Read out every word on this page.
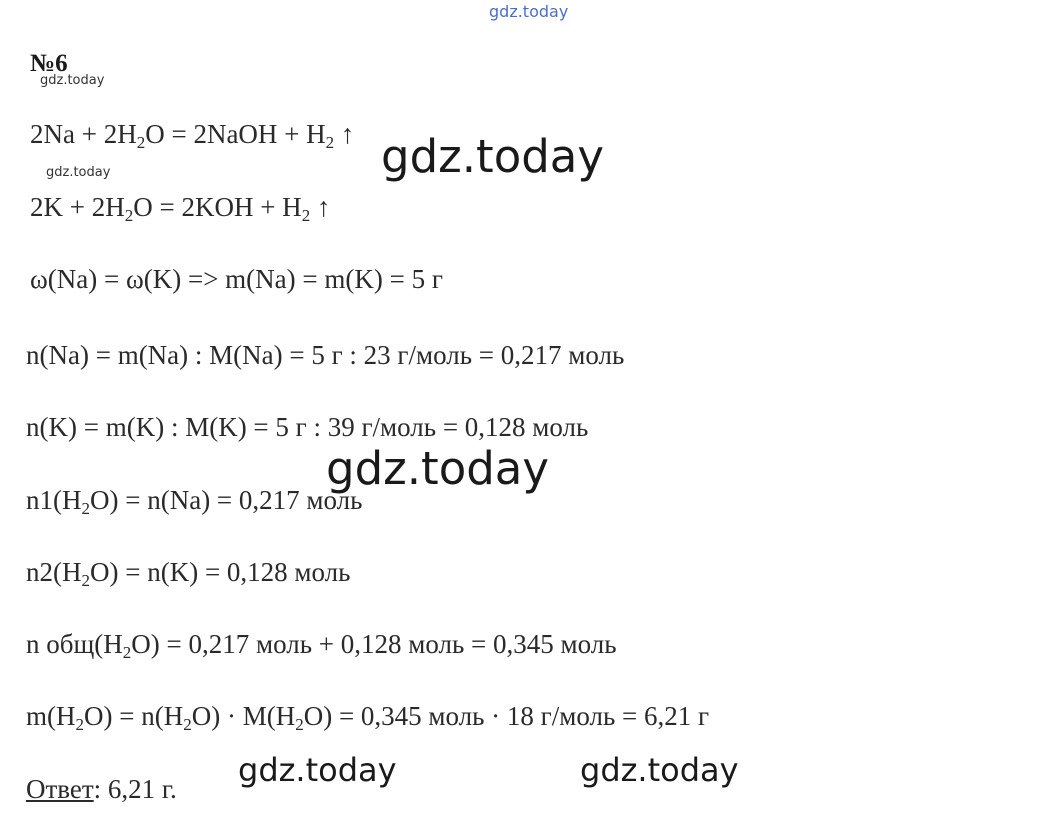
gdz.today
№6
gdz.today
$2Na + 2H_2O$ = 2NaOH + $H_2$ ↑ gdz.today
gdz.today
$2K + 2H_2O = 2KOH + H_2$ ↑
ω(Na) = ω(K) => m(Na) = m(K) = 5 г
n(Na) = m(Na) : M(Na) = 5 г : 23 г/моль = 0,217 моль
n(K) = m(K) : M(K) = 5 г : 39 г/моль = 0,128 моль
gdz.today
$n1(H_2O) = n(Na) = 0,217$ моль
$n2(H_2O) = n(K) = 0,128$ моль
n $общ(H_2O) = 0,217$ моль + 0,128 моль = 0,345 моль
$m(H_2O) = n(H_2O) \cdot M(H_2O) = 0,345$ моль · 18 г/моль = 6,21 г
gdz.today	gdz.today
Ответ: 6,21 г.
